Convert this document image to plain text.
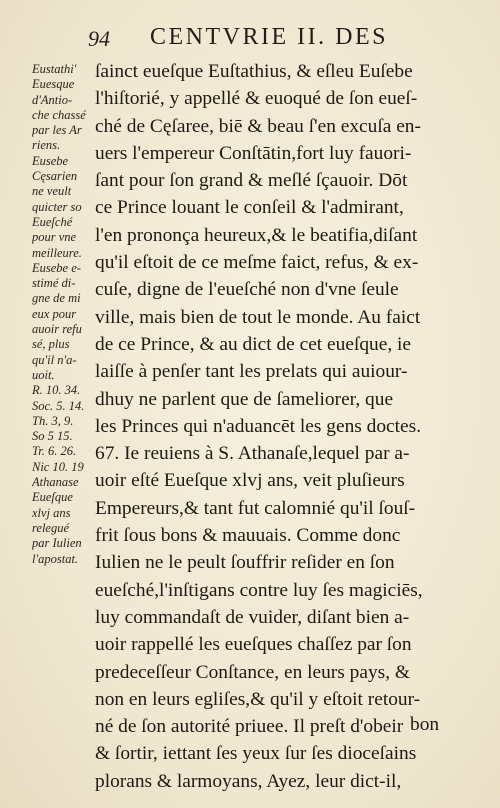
94 CENTVRIE II. DES
Eustathi'
Euesque
d'Antio-
che chassé
par les Ar
riens.
Eusebe
Cęsarien
ne veult
quicter so
Eueſché
pour vne
meilleure.
Eusebe e-
stimé di-
gne de mi
eux pour
auoir refu
sé, plus
qu'il n'a-
uoit.
R. 10. 34.
Soc. 5. 14.
Th. 3, 9.
So 5 15.
Tr. 6. 26.
Nic 10. 19
Athanase
Eueſque
xlvj ans
relegué
par Iulien
l'apostat.
ſainct eueſque Euſtathius, & eſleu Euſebe
l'hiſtorié, y appellé & euoqué de ſon eueſ-
ché de Cęſaree, biē & beau ſ'en excuſa en-
uers l'empereur Conſtātin,fort luy fauori-
ſant pour ſon grand & meſlé ſçauoir. Dōt
ce Prince louant le conſeil & l'admirant,
l'en prononça heureux,& le beatifia,diſant
qu'il eſtoit de ce meſme faict, refus, & ex-
cuſe, digne de l'eueſché non d'vne ſeule
ville, mais bien de tout le monde. Au faict
de ce Prince, & au dict de cet eueſque, ie
laiſſe à penſer tant les prelats qui auiour-
dhuy ne parlent que de ſameliorer, que
les Princes qui n'aduancēt les gens doctes.
67. Ie reuiens à S. Athanaſe,lequel par a-
uoir eſté Eueſque xlvj ans, veit pluſieurs
Empereurs,& tant fut calomnié qu'il ſouſ-
frit ſous bons & mauuais. Comme donc
Iulien ne le peult ſouffrir reſider en ſon
eueſché,l'inſtigans contre luy ſes magiciēs,
luy commandaſt de vuider, diſant bien a-
uoir rappellé les eueſques chaſſez par ſon
predeceſſeur Conſtance, en leurs pays, &
non en leurs egliſes,& qu'il y eſtoit retour-
né de ſon autorité priuee. Il preſt d'obeir
& ſortir, iettant ſes yeux ſur ſes dioceſains
plorans & larmoyans, Ayez, leur dict-il,
bon
